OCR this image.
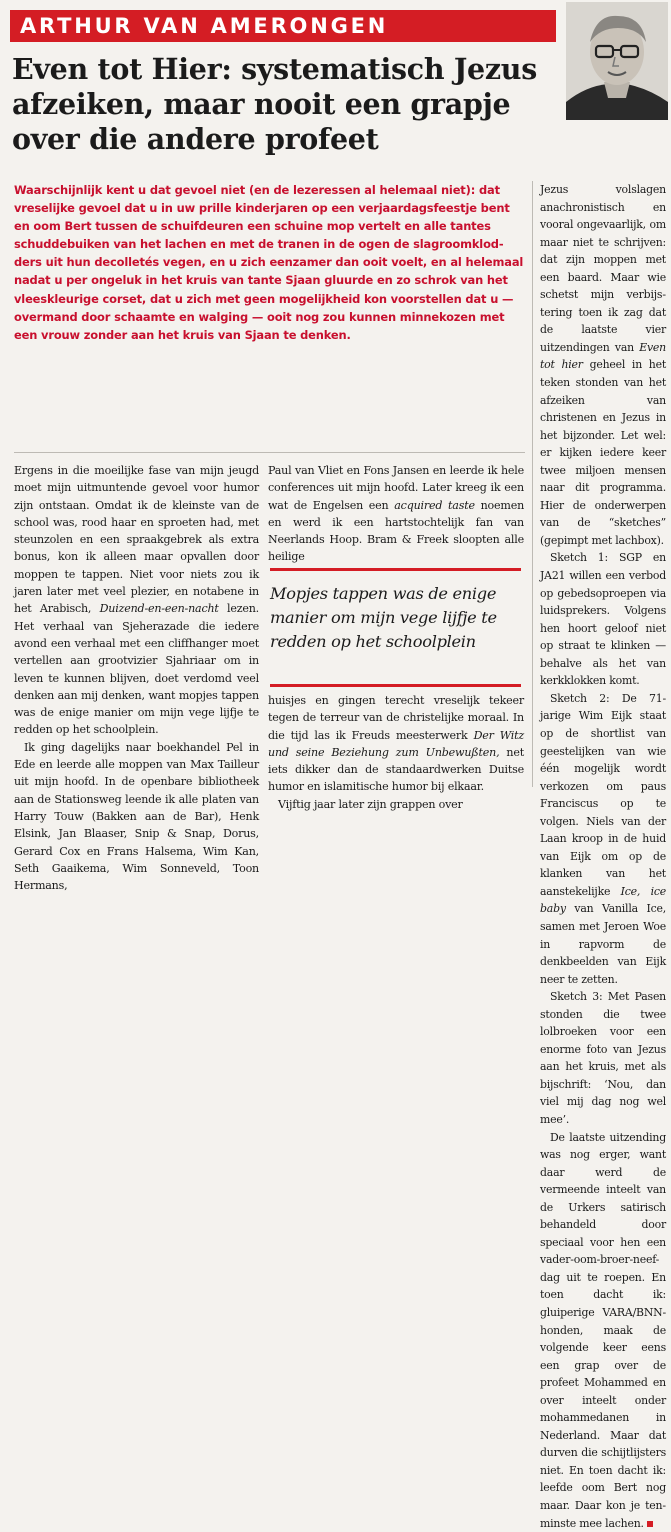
ARTHUR VAN AMERONGEN
Even tot Hier: systematisch Jezus afzeiken, maar nooit een grapje over die andere profeet

Waarschijnlijk kent u dat gevoel niet (en de lezeressen al helemaal niet): dat vreselijke gevoel dat u in uw prille kinderjaren op een verjaardagsfeestje bent en oom Bert tussen de schuifdeuren een schuine mop vertelt en alle tantes schuddebuiken van het lachen en met de tranen in de ogen de slagroomklodders uit hun decolletés vegen, en u zich eenzamer dan ooit voelt, en al helemaal nadat u per ongeluk in het kruis van tante Sjaan gluurde en zo schrok van het vleeskleurige corset, dat u zich met geen mogelijkheid kon voorstellen dat u — overmand door schaamte en walging — ooit nog zou kunnen minnekozen met een vrouw zonder aan het kruis van Sjaan te denken.

Ergens in die moeilijke fase van mijn jeugd moet mijn uitmuntende gevoel voor humor zijn ontstaan. Omdat ik de kleinste van de school was, rood haar en sproeten had, met steunzolen en een spraakgebrek als extra bonus, kon ik alleen maar opvallen door moppen te tappen. Niet voor niets zou ik jaren later met veel plezier, en notabene in het Arabisch, Duizend-en-een-nacht lezen. Het verhaal van Sjeherazade die iedere avond een verhaal met een cliffhanger moet vertellen aan grootvizier Sjahriaar om in leven te kunnen blijven, doet verdomd veel denken aan mij denken, want mopjes tappen was de enige manier om mijn vege lijfje te redden op het schoolplein.

Ik ging dagelijks naar boekhandel Pel in Ede en leerde alle moppen van Max Tailleur uit mijn hoofd. In de openbare bibliotheek aan de Stationsweg leende ik alle platen van Harry Touw (Bakken aan de Bar), Henk Elsink, Jan Blaaser, Snip & Snap, Dorus, Gerard Cox en Frans Halsema, Wim Kan, Seth Gaaikema, Wim Sonneveld, Toon Hermans,

Paul van Vliet en Fons Jansen en leerde ik hele conferences uit mijn hoofd. Later kreeg ik een wat de Engelsen een acquired taste noemen en werd ik een hartstochtelijk fan van Neerlands Hoop. Bram & Freek sloopten alle heilige

Mopjes tappen was de enige manier om mijn vege lijfje te redden op het schoolplein

huisjes en gingen terecht vreselijk tekeer tegen de terreur van de christelijke moraal. In die tijd las ik Freuds meesterwerk Der Witz und seine Beziehung zum Unbewußten, net iets dikker dan de standaardwerken Duitse humor en islamitische humor bij elkaar.

Vijftig jaar later zijn grappen over

Jezus volslagen anachronistisch en vooral ongevaarlijk, om maar niet te schrijven: dat zijn moppen met een baard. Maar wie schetst mijn verbijstering toen ik zag dat de laatste vier uitzendingen van Even tot hier geheel in het teken stonden van het afzeiken van christenen en Jezus in het bijzonder. Let wel: er kijken iedere keer twee miljoen mensen naar dit programma. Hier de onderwerpen van de “sketches” (gepimpt met lachbox).

Sketch 1: SGP en JA21 willen een verbod op gebedsoproepen via luidsprekers. Volgens hen hoort geloof niet op straat te klinken — behalve als het van kerkklokken komt.

Sketch 2: De 71-jarige Wim Eijk staat op de shortlist van geestelijken van wie één mogelijk wordt verkozen om paus Franciscus op te volgen. Niels van der Laan kroop in de huid van Eijk om op de klanken van het aanstekelijke Ice, ice baby van Vanilla Ice, samen met Jeroen Woe in rapvorm de denkbeelden van Eijk neer te zetten.

Sketch 3: Met Pasen stonden die twee lolbroeken voor een enorme foto van Jezus aan het kruis, met als bijschrift: ‘Nou, dan viel mij dag nog wel mee’.

De laatste uitzending was nog erger, want daar werd de vermeende inteelt van de Urkers satirisch behandeld door speciaal voor hen een vader-oom-broer-neef-dag uit te roepen. En toen dacht ik: gluiperige VARA/BNN-honden, maak de volgende keer eens een grap over de profeet Mohammed en over inteelt onder mohammedanen in Nederland. Maar dat durven die schijtlijsters niet. En toen dacht ik: leefde oom Bert nog maar. Daar kon je tenminste mee lachen.
